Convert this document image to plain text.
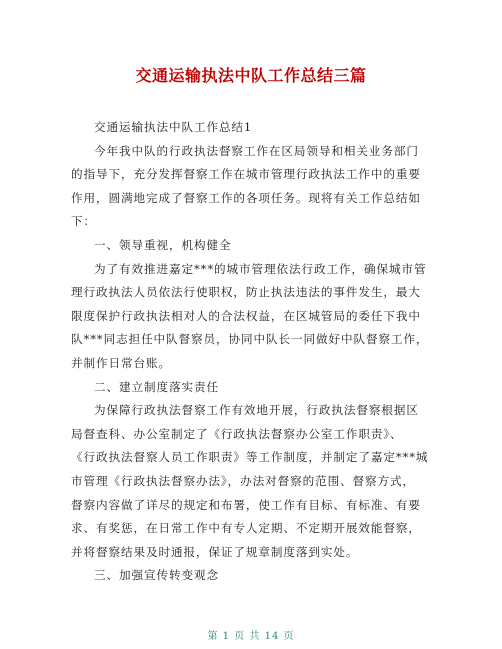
交通运输执法中队工作总结三篇
交通运输执法中队工作总结1
今年我中队的行政执法督察工作在区局领导和相关业务部门
的指导下，充分发挥督察工作在城市管理行政执法工作中的重要
作用，圆满地完成了督察工作的各项任务。现将有关工作总结如
下：
一、领导重视，机构健全
为了有效推进嘉定***的城市管理依法行政工作，确保城市管
理行政执法人员依法行使职权，防止执法违法的事件发生，最大
限度保护行政执法相对人的合法权益，在区城管局的委任下我中
队***同志担任中队督察员，协同中队长一同做好中队督察工作，
并制作日常台账。
二、建立制度落实责任
为保障行政执法督察工作有效地开展，行政执法督察根据区
局督查科、办公室制定了《行政执法督察办公室工作职责》、
《行政执法督察人员工作职责》等工作制度，并制定了嘉定***城
市管理《行政执法督察办法》，办法对督察的范围、督察方式，
督察内容做了详尽的规定和布署，使工作有目标、有标准、有要
求、有奖惩，在日常工作中有专人定期、不定期开展效能督察，
并将督察结果及时通报，保证了规章制度落到实处。
三、加强宣传转变观念
第 1 页 共 14 页
